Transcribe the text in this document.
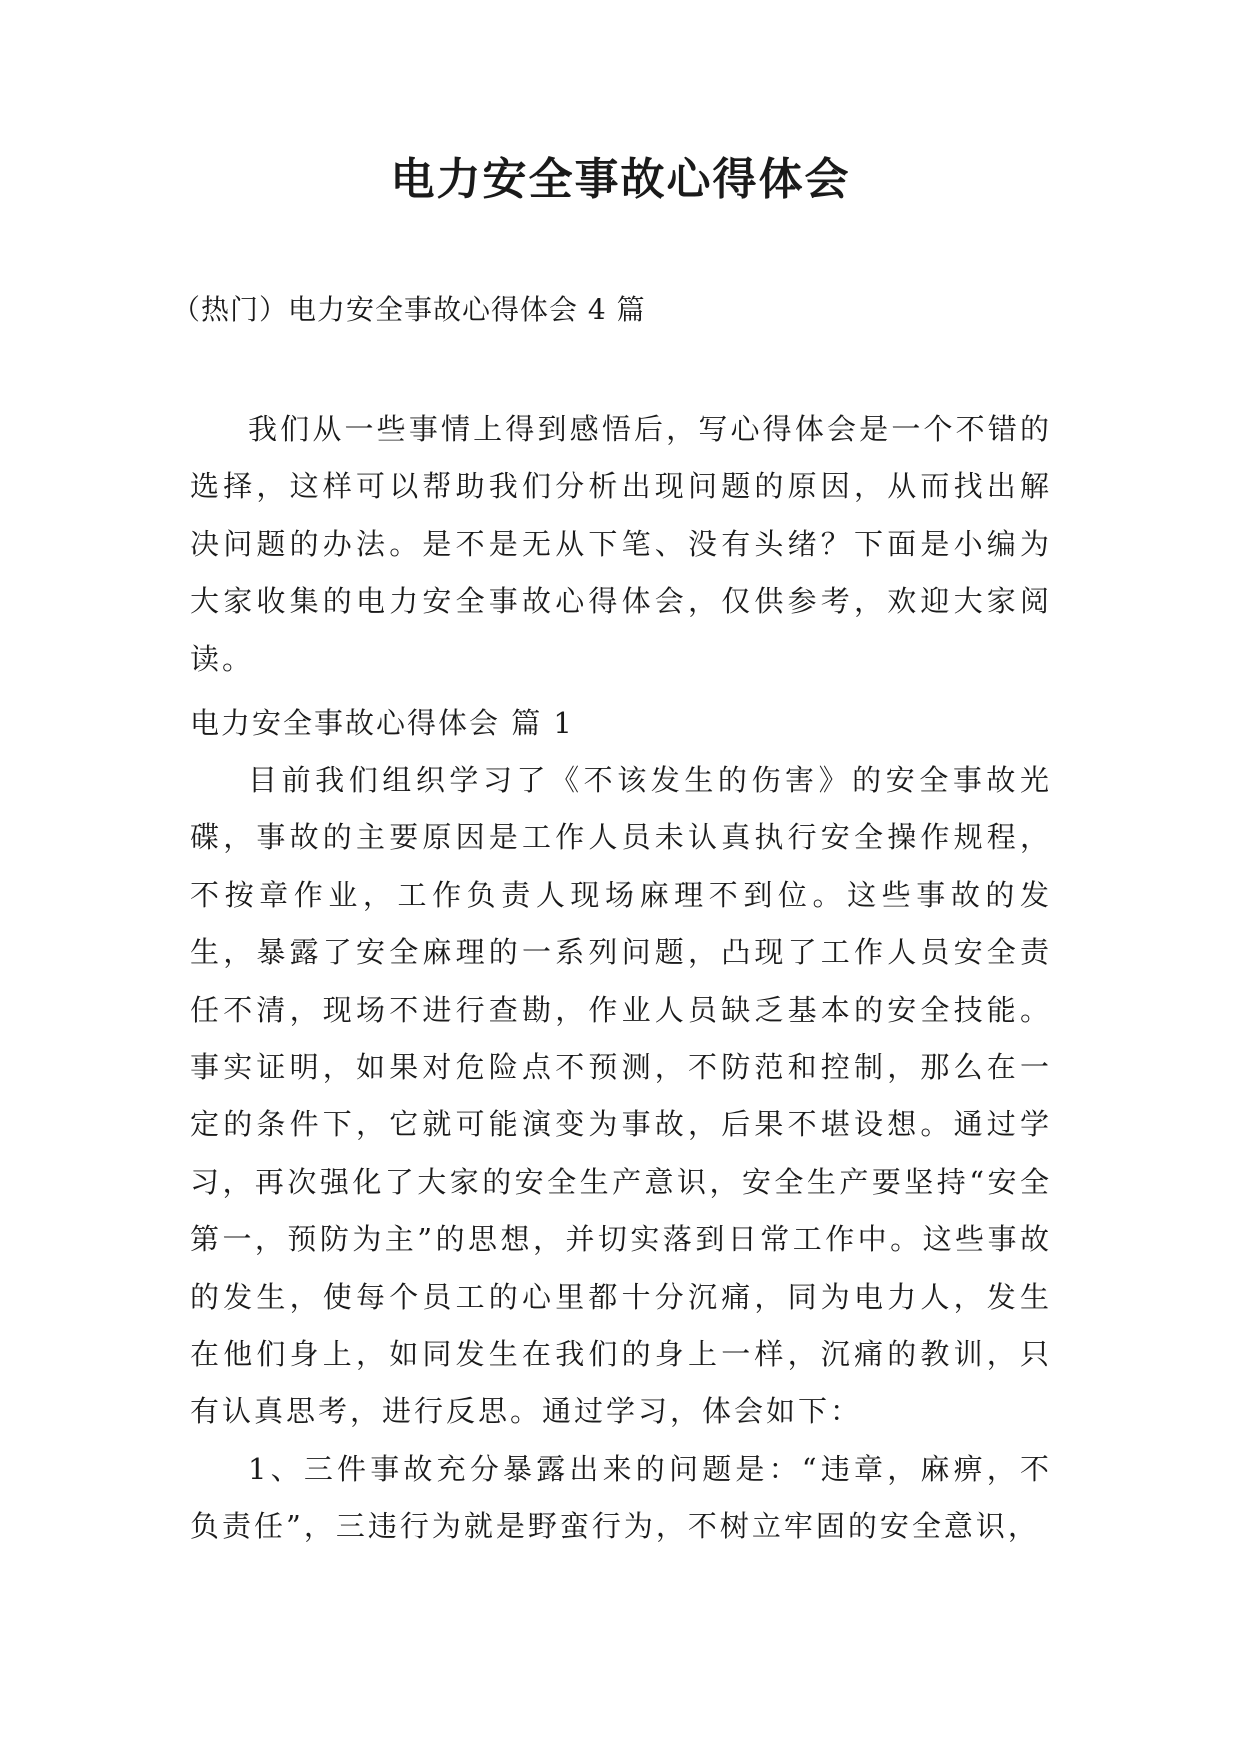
电力安全事故心得体会
（热门）电力安全事故心得体会 4 篇

我们从一些事情上得到感悟后，写心得体会是一个不错的选择，这样可以帮助我们分析出现问题的原因，从而找出解决问题的办法。是不是无从下笔、没有头绪？下面是小编为大家收集的电力安全事故心得体会，仅供参考，欢迎大家阅读。

电力安全事故心得体会 篇 1

目前我们组织学习了《不该发生的伤害》的安全事故光碟，事故的主要原因是工作人员未认真执行安全操作规程，不按章作业，工作负责人现场麻理不到位。这些事故的发生，暴露了安全麻理的一系列问题，凸现了工作人员安全责任不清，现场不进行查勘，作业人员缺乏基本的安全技能。事实证明，如果对危险点不预测，不防范和控制，那么在一定的条件下，它就可能演变为事故，后果不堪设想。通过学习，再次强化了大家的安全生产意识，安全生产要坚持“安全第一，预防为主”的思想，并切实落到日常工作中。这些事故的发生，使每个员工的心里都十分沉痛，同为电力人，发生在他们身上，如同发生在我们的身上一样，沉痛的教训，只有认真思考，进行反思。通过学习，体会如下：

1、三件事故充分暴露出来的问题是：“违章，麻痹，不负责任”，三违行为就是野蛮行为，不树立牢固的安全意识，
